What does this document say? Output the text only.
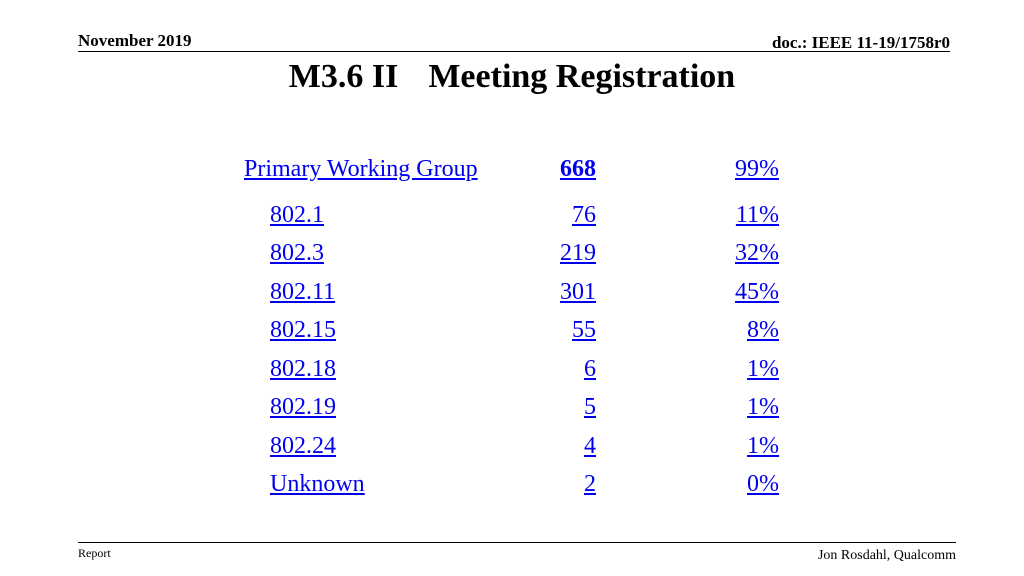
November 2019	doc.: IEEE 11-19/1758r0
M3.6 II Meeting Registration
Primary Working Group	668	99%
802.1	76	11%
802.3	219	32%
802.11	301	45%
802.15	55	8%
802.18	6	1%
802.19	5	1%
802.24	4	1%
Unknown	2	0%
Report	Jon Rosdahl, Qualcomm
